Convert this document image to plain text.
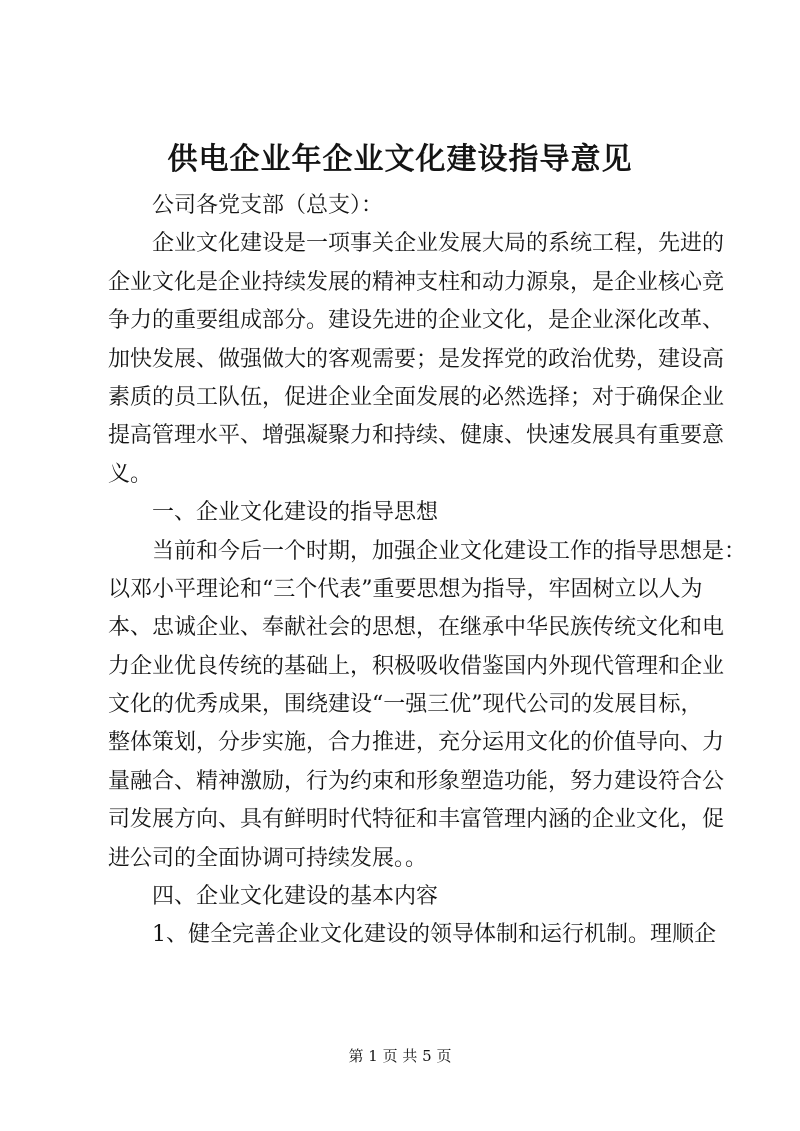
供电企业年企业文化建设指导意见
公司各党支部（总支）：
企业文化建设是一项事关企业发展大局的系统工程，先进的
企业文化是企业持续发展的精神支柱和动力源泉，是企业核心竞
争力的重要组成部分。建设先进的企业文化，是企业深化改革、
加快发展、做强做大的客观需要；是发挥党的政治优势，建设高
素质的员工队伍，促进企业全面发展的必然选择；对于确保企业
提高管理水平、增强凝聚力和持续、健康、快速发展具有重要意
义。
一、企业文化建设的指导思想
当前和今后一个时期，加强企业文化建设工作的指导思想是：
以邓小平理论和“三个代表”重要思想为指导，牢固树立以人为
本、忠诚企业、奉献社会的思想，在继承中华民族传统文化和电
力企业优良传统的基础上，积极吸收借鉴国内外现代管理和企业
文化的优秀成果，围绕建设“一强三优”现代公司的发展目标，
整体策划，分步实施，合力推进，充分运用文化的价值导向、力
量融合、精神激励，行为约束和形象塑造功能，努力建设符合公
司发展方向、具有鲜明时代特征和丰富管理内涵的企业文化，促
进公司的全面协调可持续发展。。
四、企业文化建设的基本内容
1、健全完善企业文化建设的领导体制和运行机制。理顺企
第 1 页 共 5 页
